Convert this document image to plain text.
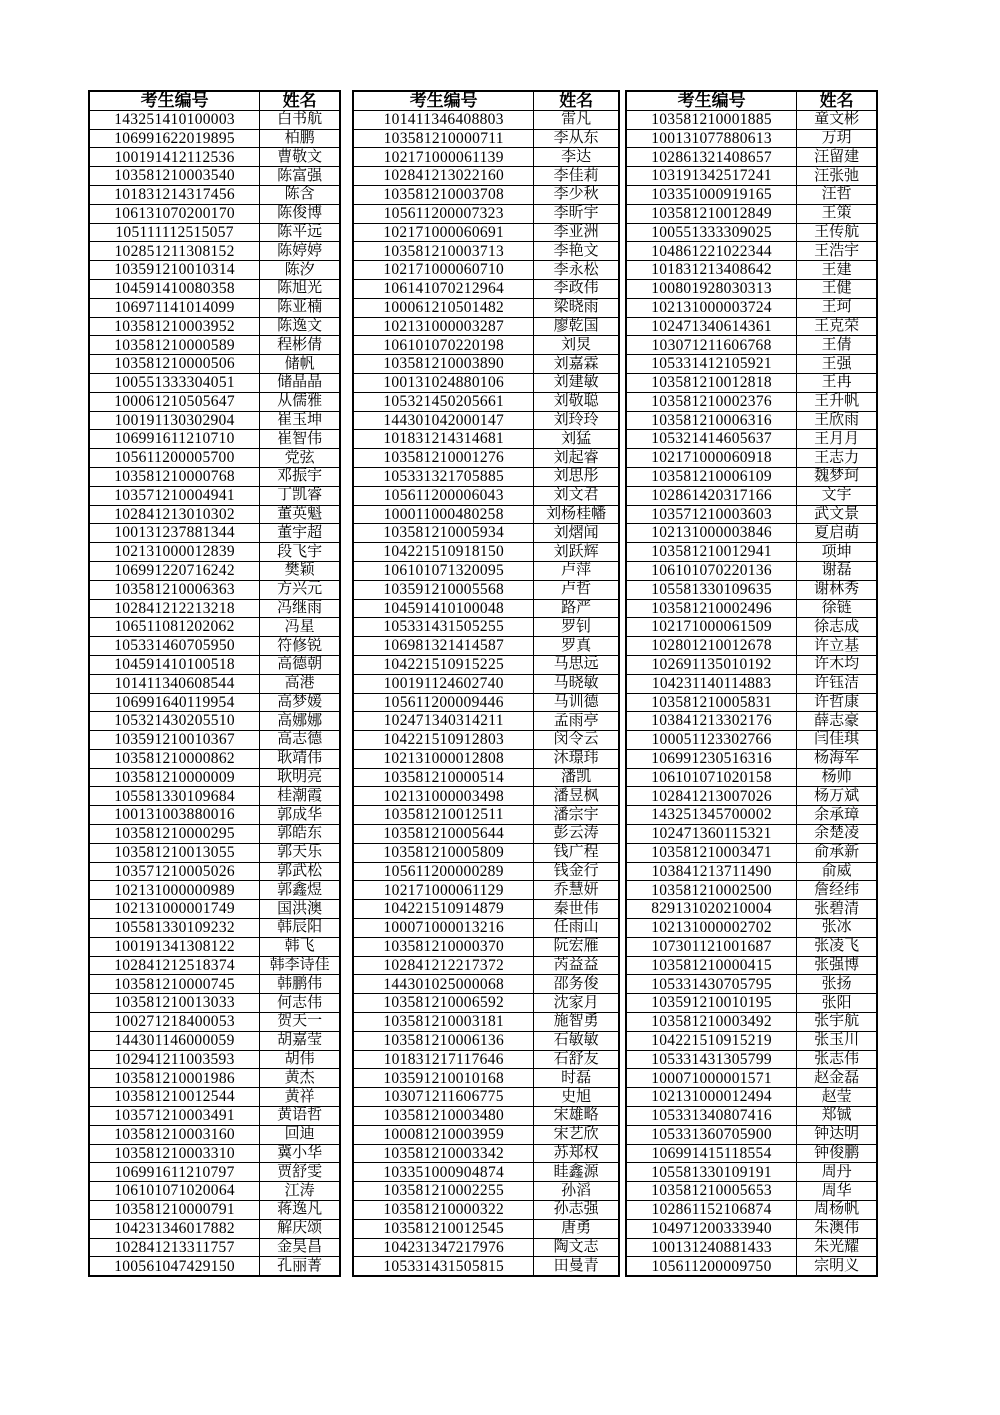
考生编号	姓名
143251410100003	白书航
106991622019895	柏鹏
100191412112536	曹敬文
103581210003540	陈富强
101831214317456	陈含
106131070200170	陈俊博
105111112515057	陈平远
102851211308152	陈婷婷
103591210010314	陈汐
104591410080358	陈旭光
106971141014099	陈亚楠
103581210003952	陈逸文
103581210000589	程彬倩
103581210000506	储帆
100551333304051	储晶晶
100061210505647	从儒雅
100191130302904	崔玉坤
106991611210710	崔智伟
105611200005700	党弦
103581210000768	邓振宇
103571210004941	丁凯睿
102841213010302	董英魁
100131237881344	董宇超
102131000012839	段飞宇
106991220716242	樊颖
103581210006363	方兴元
102841212213218	冯继雨
106511081202062	冯星
105331460705950	符修锐
104591410100518	高德朝
101411340608544	高港
106991640119954	高梦媛
105321430205510	高娜娜
103591210010367	高志德
103581210000862	耿靖伟
103581210000009	耿明亮
105581330109684	桂潮霞
100131003880016	郭成华
103581210000295	郭皓东
103581210013055	郭天乐
103571210005026	郭武松
102131000000989	郭鑫煜
102131000001749	国洪澳
105581330109232	韩辰阳
100191341308122	韩飞
102841212518374	韩李诗佳
103581210000745	韩鹏伟
103581210013033	何志伟
100271218400053	贺天一
144301146000059	胡嘉莹
102941211003593	胡伟
103581210001986	黄杰
103581210012544	黄祥
103571210003491	黄语哲
103581210003160	回迪
103581210003310	冀小华
106991611210797	贾舒雯
106101071020064	江涛
103581210000791	蒋逸凡
104231346017882	解庆颂
102841213311757	金昊昌
100561047429150	孔丽菁
考生编号	姓名
101411346408803	雷凡
103581210000711	李从东
102171000061139	李达
102841213022160	李佳莉
103581210003708	李少秋
105611200007323	李昕宇
102171000060691	李亚洲
103581210003713	李艳文
102171000060710	李永松
106141070212964	李政伟
100061210501482	梁晓雨
102131000003287	廖乾国
106101070220198	刘炅
103581210003890	刘嘉霖
100131024880106	刘建敏
105321450205661	刘敬聪
144301042000147	刘玲玲
101831214314681	刘猛
103581210001276	刘起睿
105331321705885	刘思彤
105611200006043	刘文君
100011000480258	刘杨桂幡
103581210005934	刘熠闻
104221510918150	刘跃辉
106101071320095	卢萍
103591210005568	卢哲
104591410100048	路严
105331431505255	罗钊
106981321414587	罗真
104221510915225	马思远
100191124602740	马晓敏
105611200009446	马训德
102471340314211	孟雨亭
104221510912803	闵令云
102131000012808	沐璟玮
103581210000514	潘凯
102131000003498	潘昱枫
103581210012511	潘宗宇
103581210005644	彭云涛
103581210005809	钱广程
105611200000289	钱金行
102171000061129	乔慧妍
104221510914879	秦世伟
100071000013216	任雨山
103581210000370	阮宏雁
102841212217372	芮益益
144301025000068	邵务俊
103581210006592	沈家月
103581210003181	施智勇
103581210006136	石敏敏
101831217117646	石舒友
103591210010168	时磊
103071211606775	史旭
103581210003480	宋雄略
100081210003959	宋艺欣
103581210003342	苏郑权
103351000904874	眭鑫源
103581210002255	孙滔
103581210000322	孙志强
103581210012545	唐勇
104231347217976	陶文志
105331431505815	田曼青
考生编号	姓名
103581210001885	童文彬
100131077880613	万玥
102861321408657	汪留建
103191342517241	汪张弛
103351000919165	汪哲
103581210012849	王策
100551333309025	王传航
104861221022344	王浩宇
101831213408642	王建
100801928030313	王健
102131000003724	王珂
102471340614361	王克荣
103071211606768	王倩
105331412105921	王强
103581210012818	王冉
103581210002376	王升帆
103581210006316	王欣雨
105321414605637	王月月
102171000060918	王志力
103581210006109	魏梦珂
102861420317166	文宇
103571210003603	武文景
102131000003846	夏启萌
103581210012941	项坤
106101070220136	谢磊
105581330109635	谢林秀
103581210002496	徐链
102171000061509	徐志成
102801210012678	许立基
102691135010192	许木均
104231140114883	许钰洁
103581210005831	许哲康
103841213302176	薛志豪
100051123302766	闫佳琪
106991230516316	杨海军
106101071020158	杨帅
102841213007026	杨万斌
143251345700002	余承璋
102471360115321	余楚凌
103581210003471	俞承新
103841213711490	俞威
103581210002500	詹经纬
829131020210004	张碧清
102131000002702	张冰
107301121001687	张凌飞
103581210000415	张强博
105331430705795	张扬
103591210010195	张阳
103581210003492	张宇航
104221510915219	张玉川
105331431305799	张志伟
100071000001571	赵金磊
102131000012494	赵莹
105331340807416	郑铖
105331360705900	钟达明
106991415118554	钟俊鹏
105581330109191	周丹
103581210005653	周华
102861152106874	周杨帆
104971200333940	朱澳伟
100131240881433	朱光耀
105611200009750	宗明义
